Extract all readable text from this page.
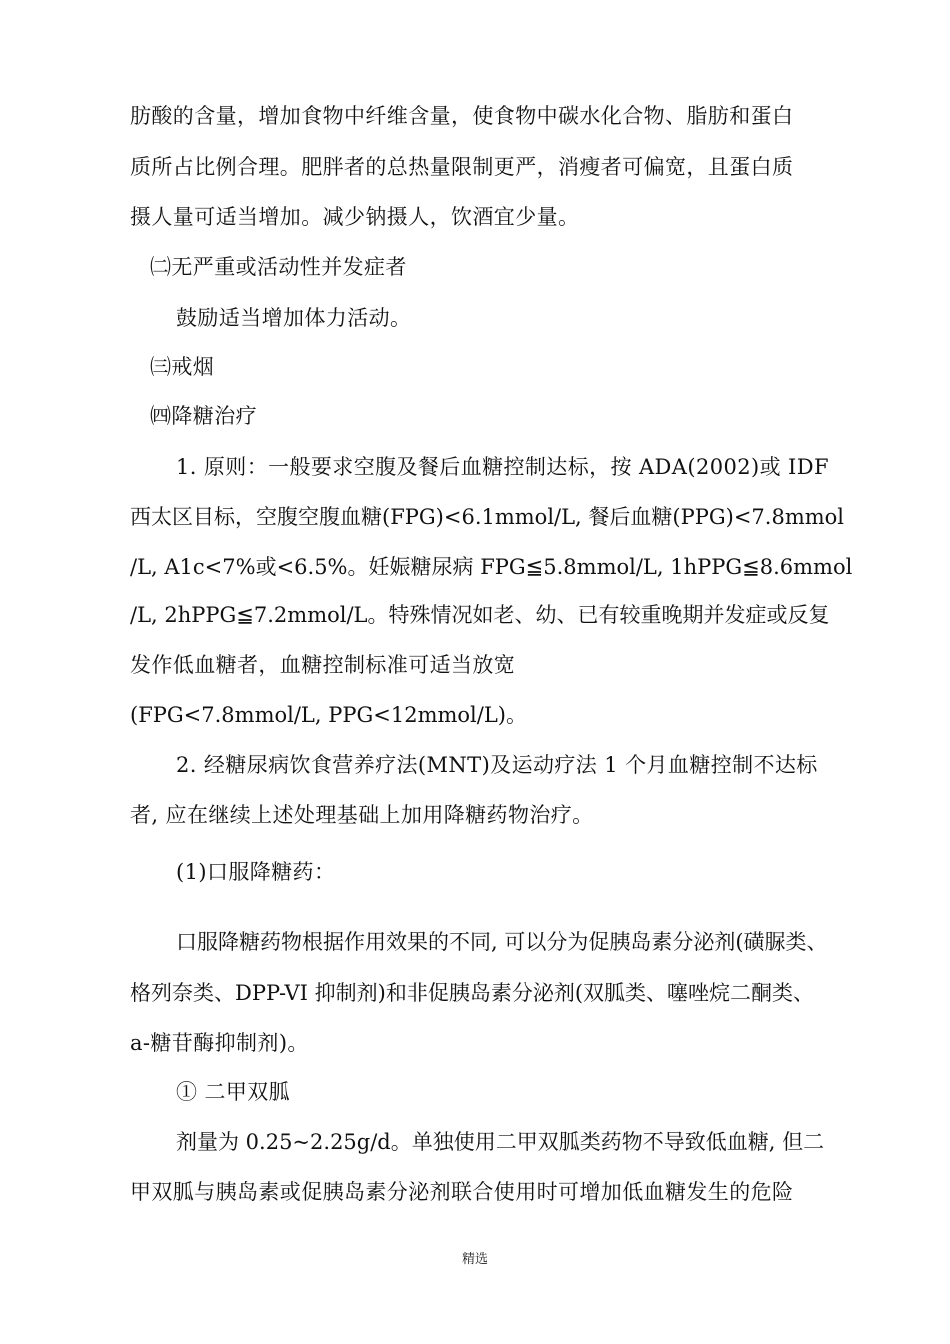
肪酸的含量，增加食物中纤维含量，使食物中碳水化合物、脂肪和蛋白
质所占比例合理。肥胖者的总热量限制更严，消瘦者可偏宽，且蛋白质
摄人量可适当增加。减少钠摄人，饮酒宜少量。
㈡无严重或活动性并发症者
鼓励适当增加体力活动。
㈢戒烟
㈣降糖治疗
1. 原则：一般要求空腹及餐后血糖控制达标，按 ADA(2002)或 IDF
西太区目标，空腹空腹血糖(FPG)<6.1mmol/L, 餐后血糖(PPG)<7.8mmol
/L, A1c<7%或<6.5%。妊娠糖尿病 FPG≦5.8mmol/L, 1hPPG≦8.6mmol
/L, 2hPPG≦7.2mmol/L。特殊情况如老、幼、已有较重晚期并发症或反复
发作低血糖者，血糖控制标准可适当放宽
(FPG<7.8mmol/L, PPG<12mmol/L)。
2. 经糖尿病饮食营养疗法(MNT)及运动疗法 1 个月血糖控制不达标
者, 应在继续上述处理基础上加用降糖药物治疗。
(1)口服降糖药：
口服降糖药物根据作用效果的不同, 可以分为促胰岛素分泌剂(磺脲类、
格列奈类、DPP-VI 抑制剂)和非促胰岛素分泌剂(双胍类、噻唑烷二酮类、
a-糖苷酶抑制剂)。
① 二甲双胍
剂量为 0.25~2.25g/d。单独使用二甲双胍类药物不导致低血糖, 但二
甲双胍与胰岛素或促胰岛素分泌剂联合使用时可增加低血糖发生的危险
精选
